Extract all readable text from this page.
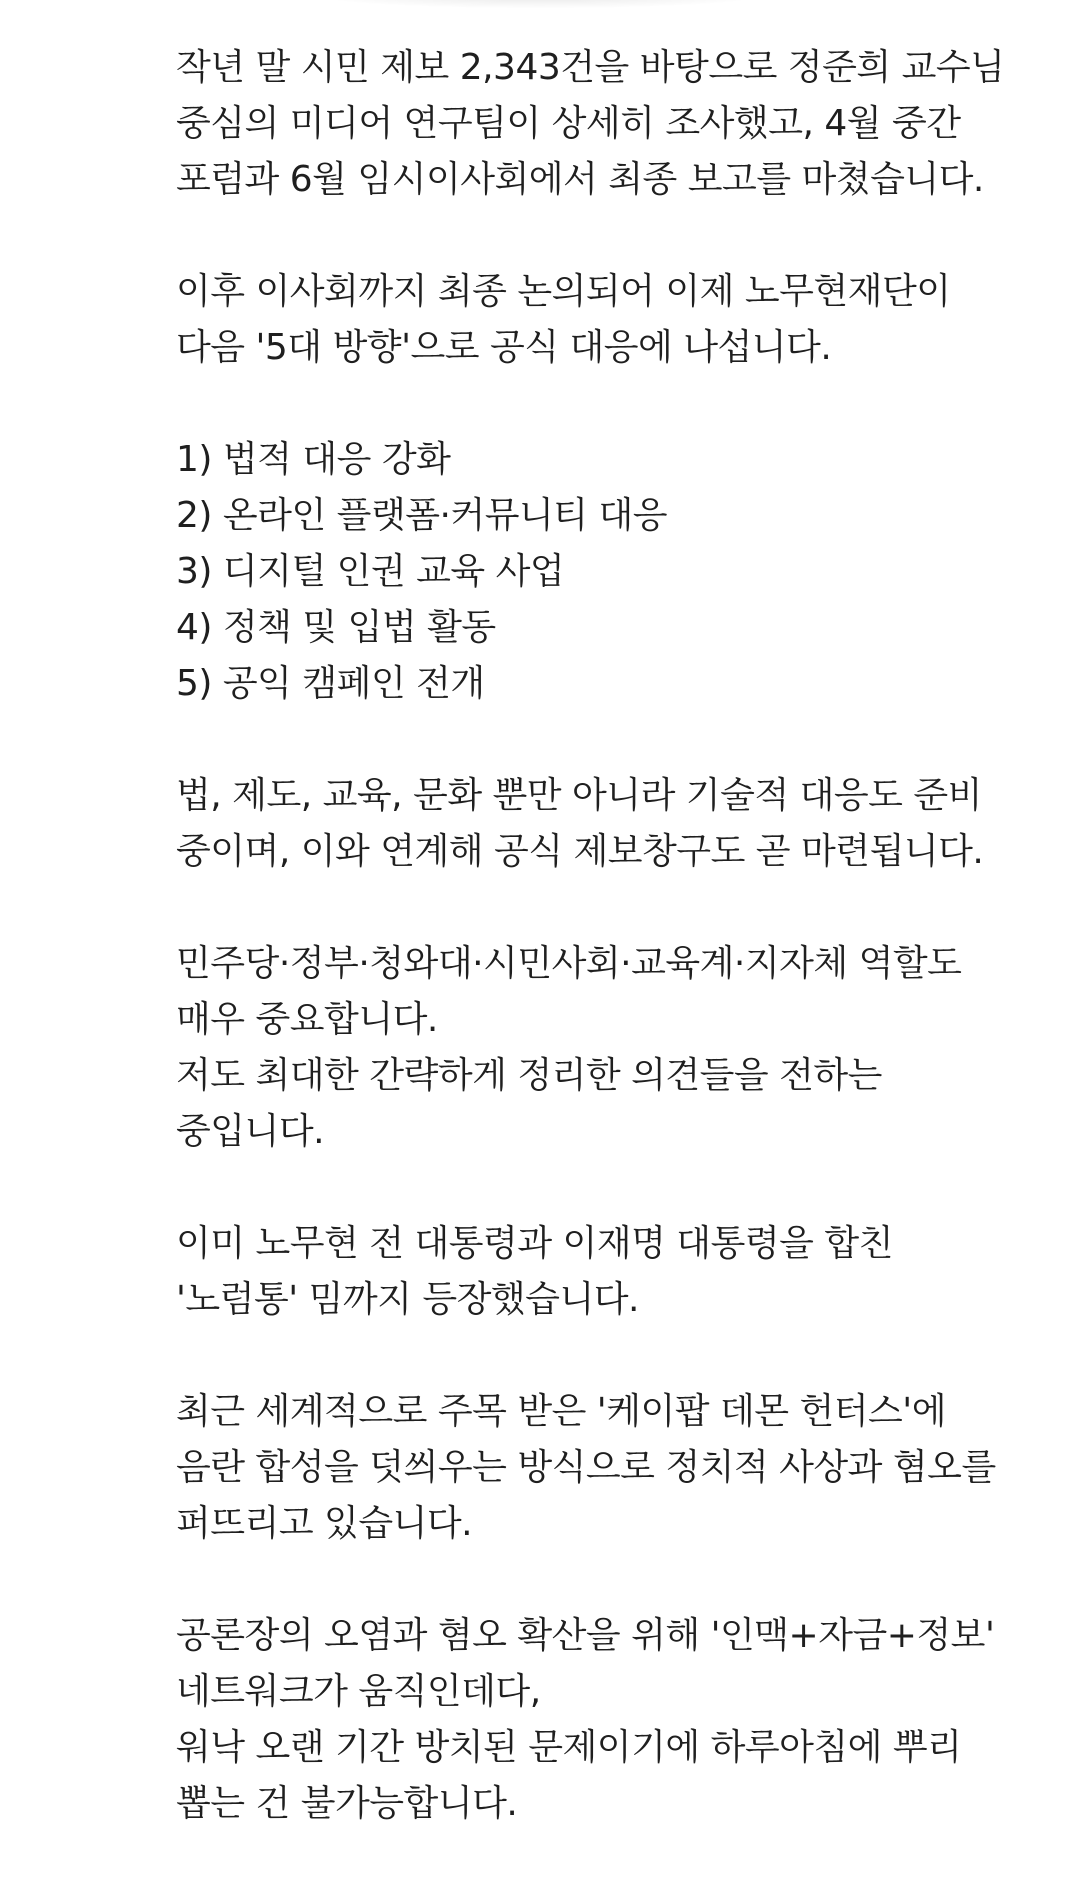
작년 말 시민 제보 2,343건을 바탕으로 정준희 교수님
중심의 미디어 연구팀이 상세히 조사했고, 4월 중간
포럼과 6월 임시이사회에서 최종 보고를 마쳤습니다.
이후 이사회까지 최종 논의되어 이제 노무현재단이
다음 '5대 방향'으로 공식 대응에 나섭니다.
1) 법적 대응 강화
2) 온라인 플랫폼·커뮤니티 대응
3) 디지털 인권 교육 사업
4) 정책 및 입법 활동
5) 공익 캠페인 전개
법, 제도, 교육, 문화 뿐만 아니라 기술적 대응도 준비
중이며, 이와 연계해 공식 제보창구도 곧 마련됩니다.
민주당·정부·청와대·시민사회·교육계·지자체 역할도
매우 중요합니다.
저도 최대한 간략하게 정리한 의견들을 전하는
중입니다.
이미 노무현 전 대통령과 이재명 대통령을 합친
'노럼통' 밈까지 등장했습니다.
최근 세계적으로 주목 받은 '케이팝 데몬 헌터스'에
음란 합성을 덧씌우는 방식으로 정치적 사상과 혐오를
퍼뜨리고 있습니다.
공론장의 오염과 혐오 확산을 위해 '인맥+자금+정보'
네트워크가 움직인데다,
워낙 오랜 기간 방치된 문제이기에 하루아침에 뿌리
뽑는 건 불가능합니다.
